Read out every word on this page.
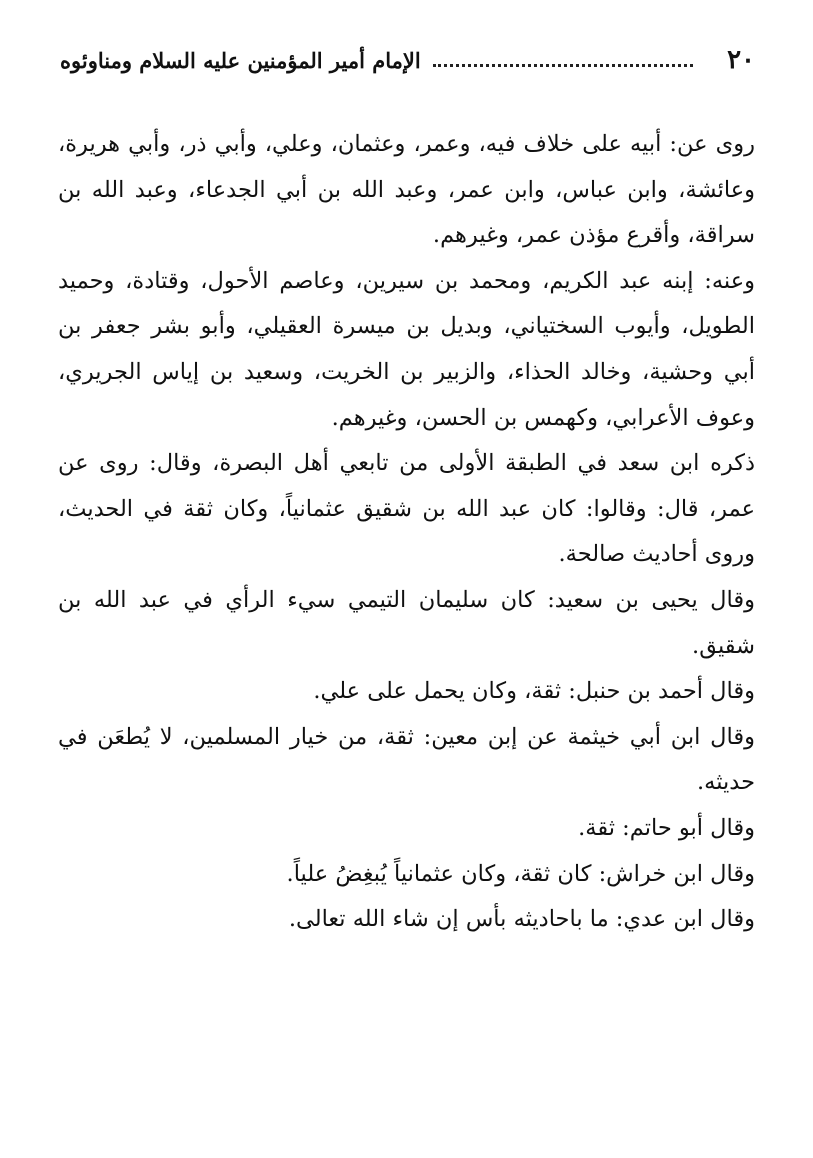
٢٠
الإمام أمير المؤمنين عليه السلام ومناوئوه

روى عن: أبيه على خلاف فيه، وعمر، وعثمان، وعلي، وأبي ذر، وأبي هريرة، وعائشة، وابن عباس، وابن عمر، وعبد الله بن أبي الجدعاء، وعبد الله بن سراقة، وأقرع مؤذن عمر، وغيرهم.

وعنه: إبنه عبد الكريم، ومحمد بن سيرين، وعاصم الأحول، وقتادة، وحميد الطويل، وأيوب السختياني، وبديل بن ميسرة العقيلي، وأبو بشر جعفر بن أبي وحشية، وخالد الحذاء، والزبير بن الخريت، وسعيد بن إياس الجريري، وعوف الأعرابي، وكهمس بن الحسن، وغيرهم.

ذكره ابن سعد في الطبقة الأولى من تابعي أهل البصرة، وقال: روى عن عمر، قال: وقالوا: كان عبد الله بن شقيق عثمانياً، وكان ثقة في الحديث، وروى أحاديث صالحة.

وقال يحيى بن سعيد: كان سليمان التيمي سيء الرأي في عبد الله بن شقيق.

وقال أحمد بن حنبل: ثقة، وكان يحمل على علي.

وقال ابن أبي خيثمة عن إبن معين: ثقة، من خيار المسلمين، لا يُطعَن في حديثه.

وقال أبو حاتم: ثقة.

وقال ابن خراش: كان ثقة، وكان عثمانياً يُبغِضُ علياً.

وقال ابن عدي: ما باحاديثه بأس إن شاء الله تعالى.
